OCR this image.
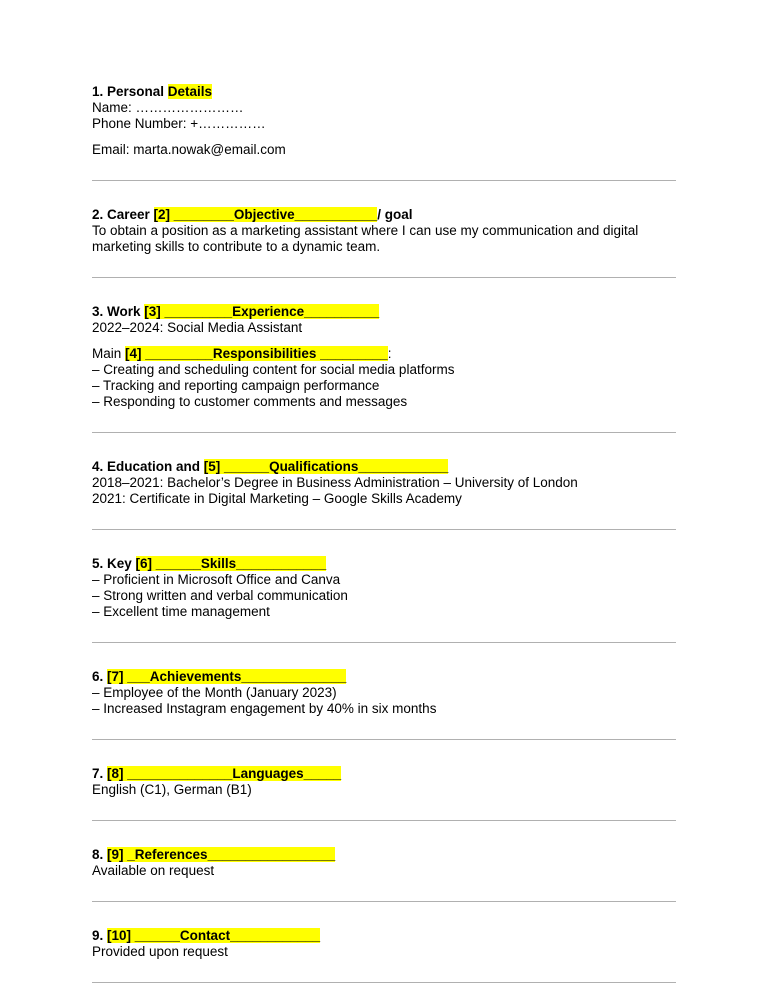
1. Personal Details

Name: ……………………

Phone Number: +……………

Email: marta.nowak@email.com

2. Career [2] ________Objective___________/ goal

To obtain a position as a marketing assistant where I can use my communication and digital marketing skills to contribute to a dynamic team.

3. Work [3] _________Experience__________

2022–2024: Social Media Assistant

Main [4] _________Responsibilities _________:

– Creating and scheduling content for social media platforms

– Tracking and reporting campaign performance

– Responding to customer comments and messages

4. Education and [5] ______Qualifications____________

2018–2021: Bachelor’s Degree in Business Administration – University of London

2021: Certificate in Digital Marketing – Google Skills Academy

5. Key [6] ______Skills____________

– Proficient in Microsoft Office and Canva

– Strong written and verbal communication

– Excellent time management

6. [7] ___Achievements______________

– Employee of the Month (January 2023)

– Increased Instagram engagement by 40% in six months

7. [8] ______________Languages_____

English (C1), German (B1)

8. [9] _References_________________

Available on request

9. [10] ______Contact____________

Provided upon request
